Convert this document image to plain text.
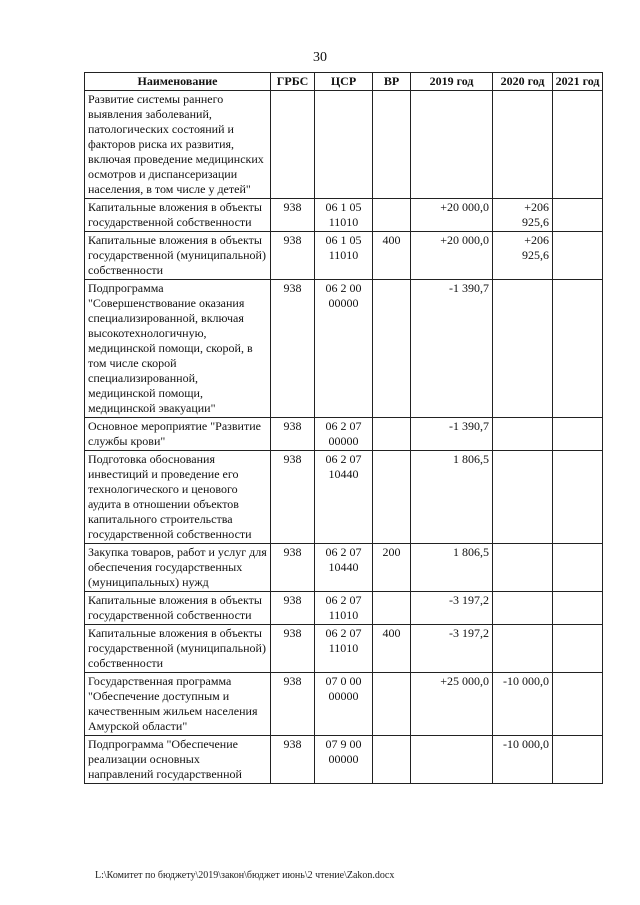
30
Наименование	ГРБС	ЦСР	ВР	2019 год	2020 год	2021 год
Развитие системы раннего выявления заболеваний, патологических состояний и факторов риска их развития, включая проведение медицинских осмотров и диспансеризации населения, в том числе у детей"						
Капитальные вложения в объекты государственной собственности	938	06 1 05 11010		+20 000,0	+206 925,6	
Капитальные вложения в объекты государственной (муниципальной) собственности	938	06 1 05 11010	400	+20 000,0	+206 925,6	
Подпрограмма "Совершенствование оказания специализированной, включая высокотехнологичную, медицинской помощи, скорой, в том числе скорой специализированной, медицинской помощи, медицинской эвакуации"	938	06 2 00 00000		-1 390,7		
Основное мероприятие "Развитие службы крови"	938	06 2 07 00000		-1 390,7		
Подготовка обоснования инвестиций и проведение его технологического и ценового аудита в отношении объектов капитального строительства государственной собственности	938	06 2 07 10440		1 806,5		
Закупка товаров, работ и услуг для обеспечения государственных (муниципальных) нужд	938	06 2 07 10440	200	1 806,5		
Капитальные вложения в объекты государственной собственности	938	06 2 07 11010		-3 197,2		
Капитальные вложения в объекты государственной (муниципальной) собственности	938	06 2 07 11010	400	-3 197,2		
Государственная программа "Обеспечение доступным и качественным жильем населения Амурской области"	938	07 0 00 00000		+25 000,0	-10 000,0	
Подпрограмма "Обеспечение реализации основных направлений государственной	938	07 9 00 00000			-10 000,0	
L:\Комитет по бюджету\2019\закон\бюджет июнь\2 чтение\Zakon.docx
